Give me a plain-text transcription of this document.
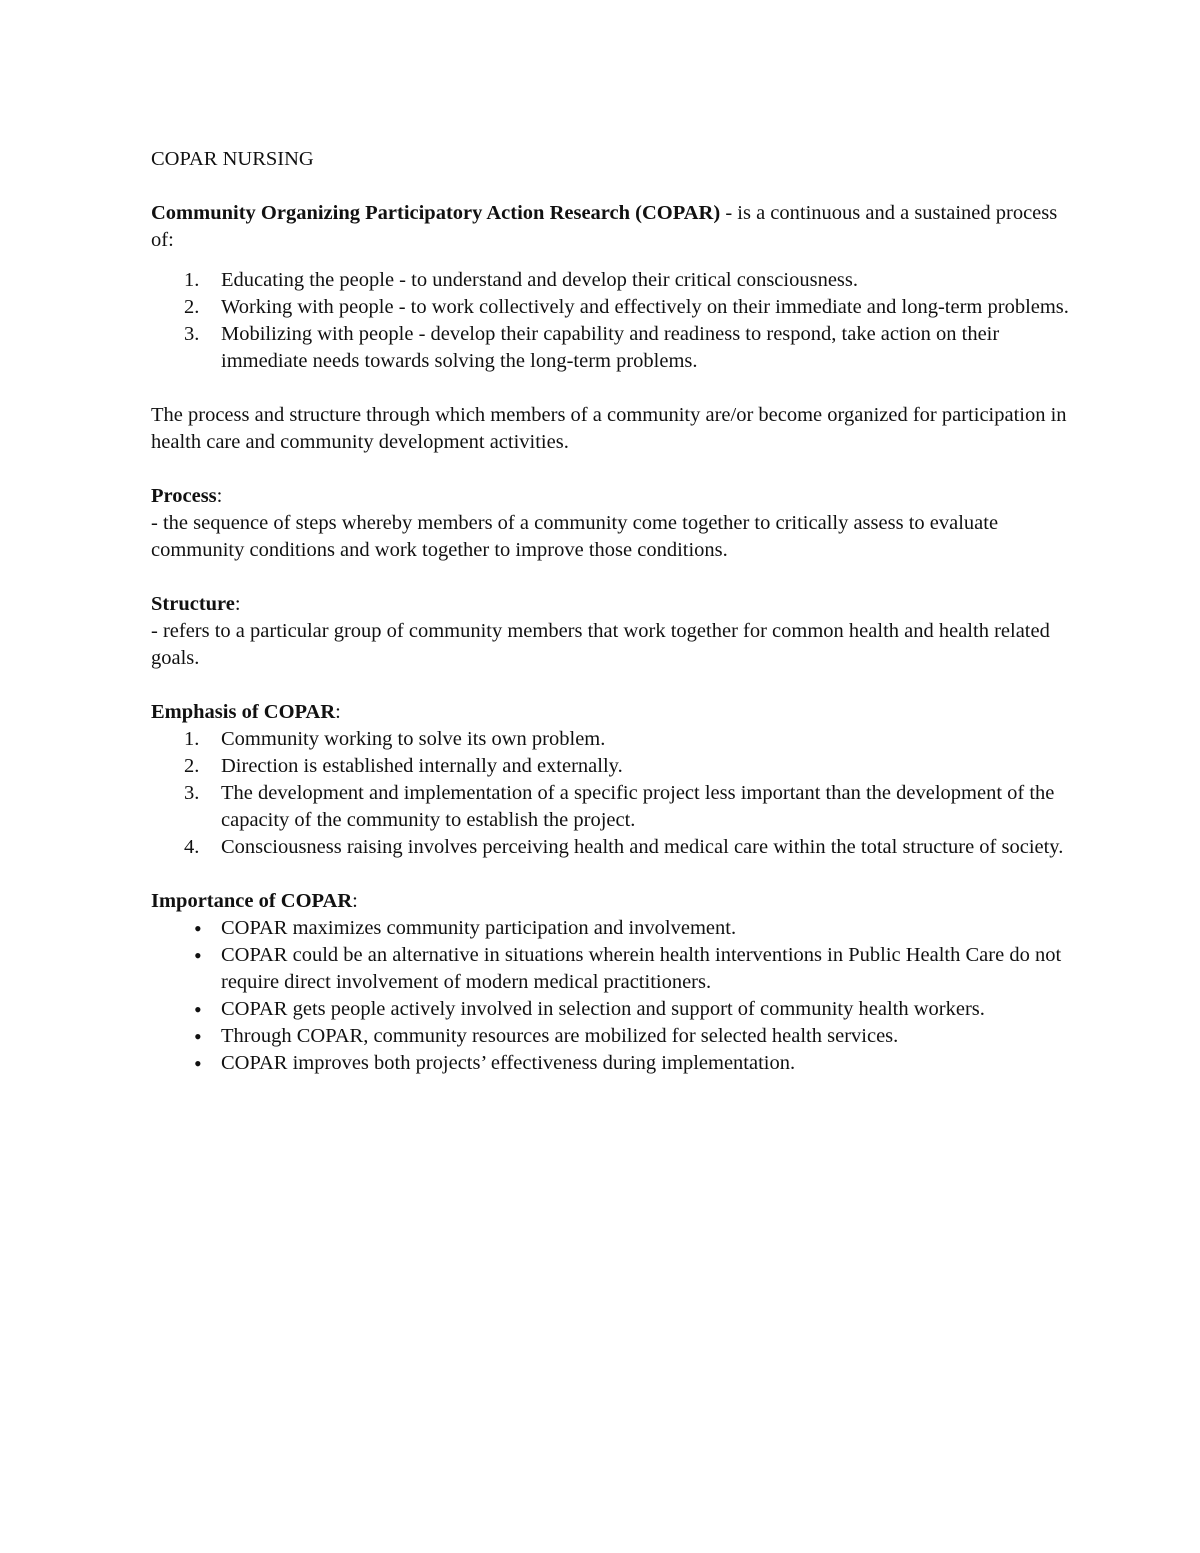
COPAR NURSING

Community Organizing Participatory Action Research (COPAR) - is a continuous and a sustained process of:

1. Educating the people - to understand and develop their critical consciousness.
2. Working with people - to work collectively and effectively on their immediate and long-term problems.
3. Mobilizing with people - develop their capability and readiness to respond, take action on their immediate needs towards solving the long-term problems.

The process and structure through which members of a community are/or become organized for participation in health care and community development activities.

Process:

- the sequence of steps whereby members of a community come together to critically assess to evaluate community conditions and work together to improve those conditions.

Structure:

- refers to a particular group of community members that work together for common health and health related goals.

Emphasis of COPAR:

1. Community working to solve its own problem.
2. Direction is established internally and externally.
3. The development and implementation of a specific project less important than the development of the capacity of the community to establish the project.
4. Consciousness raising involves perceiving health and medical care within the total structure of society.

Importance of COPAR:

• COPAR maximizes community participation and involvement.
• COPAR could be an alternative in situations wherein health interventions in Public Health Care do not require direct involvement of modern medical practitioners.
• COPAR gets people actively involved in selection and support of community health workers.
• Through COPAR, community resources are mobilized for selected health services.
• COPAR improves both projects’ effectiveness during implementation.
